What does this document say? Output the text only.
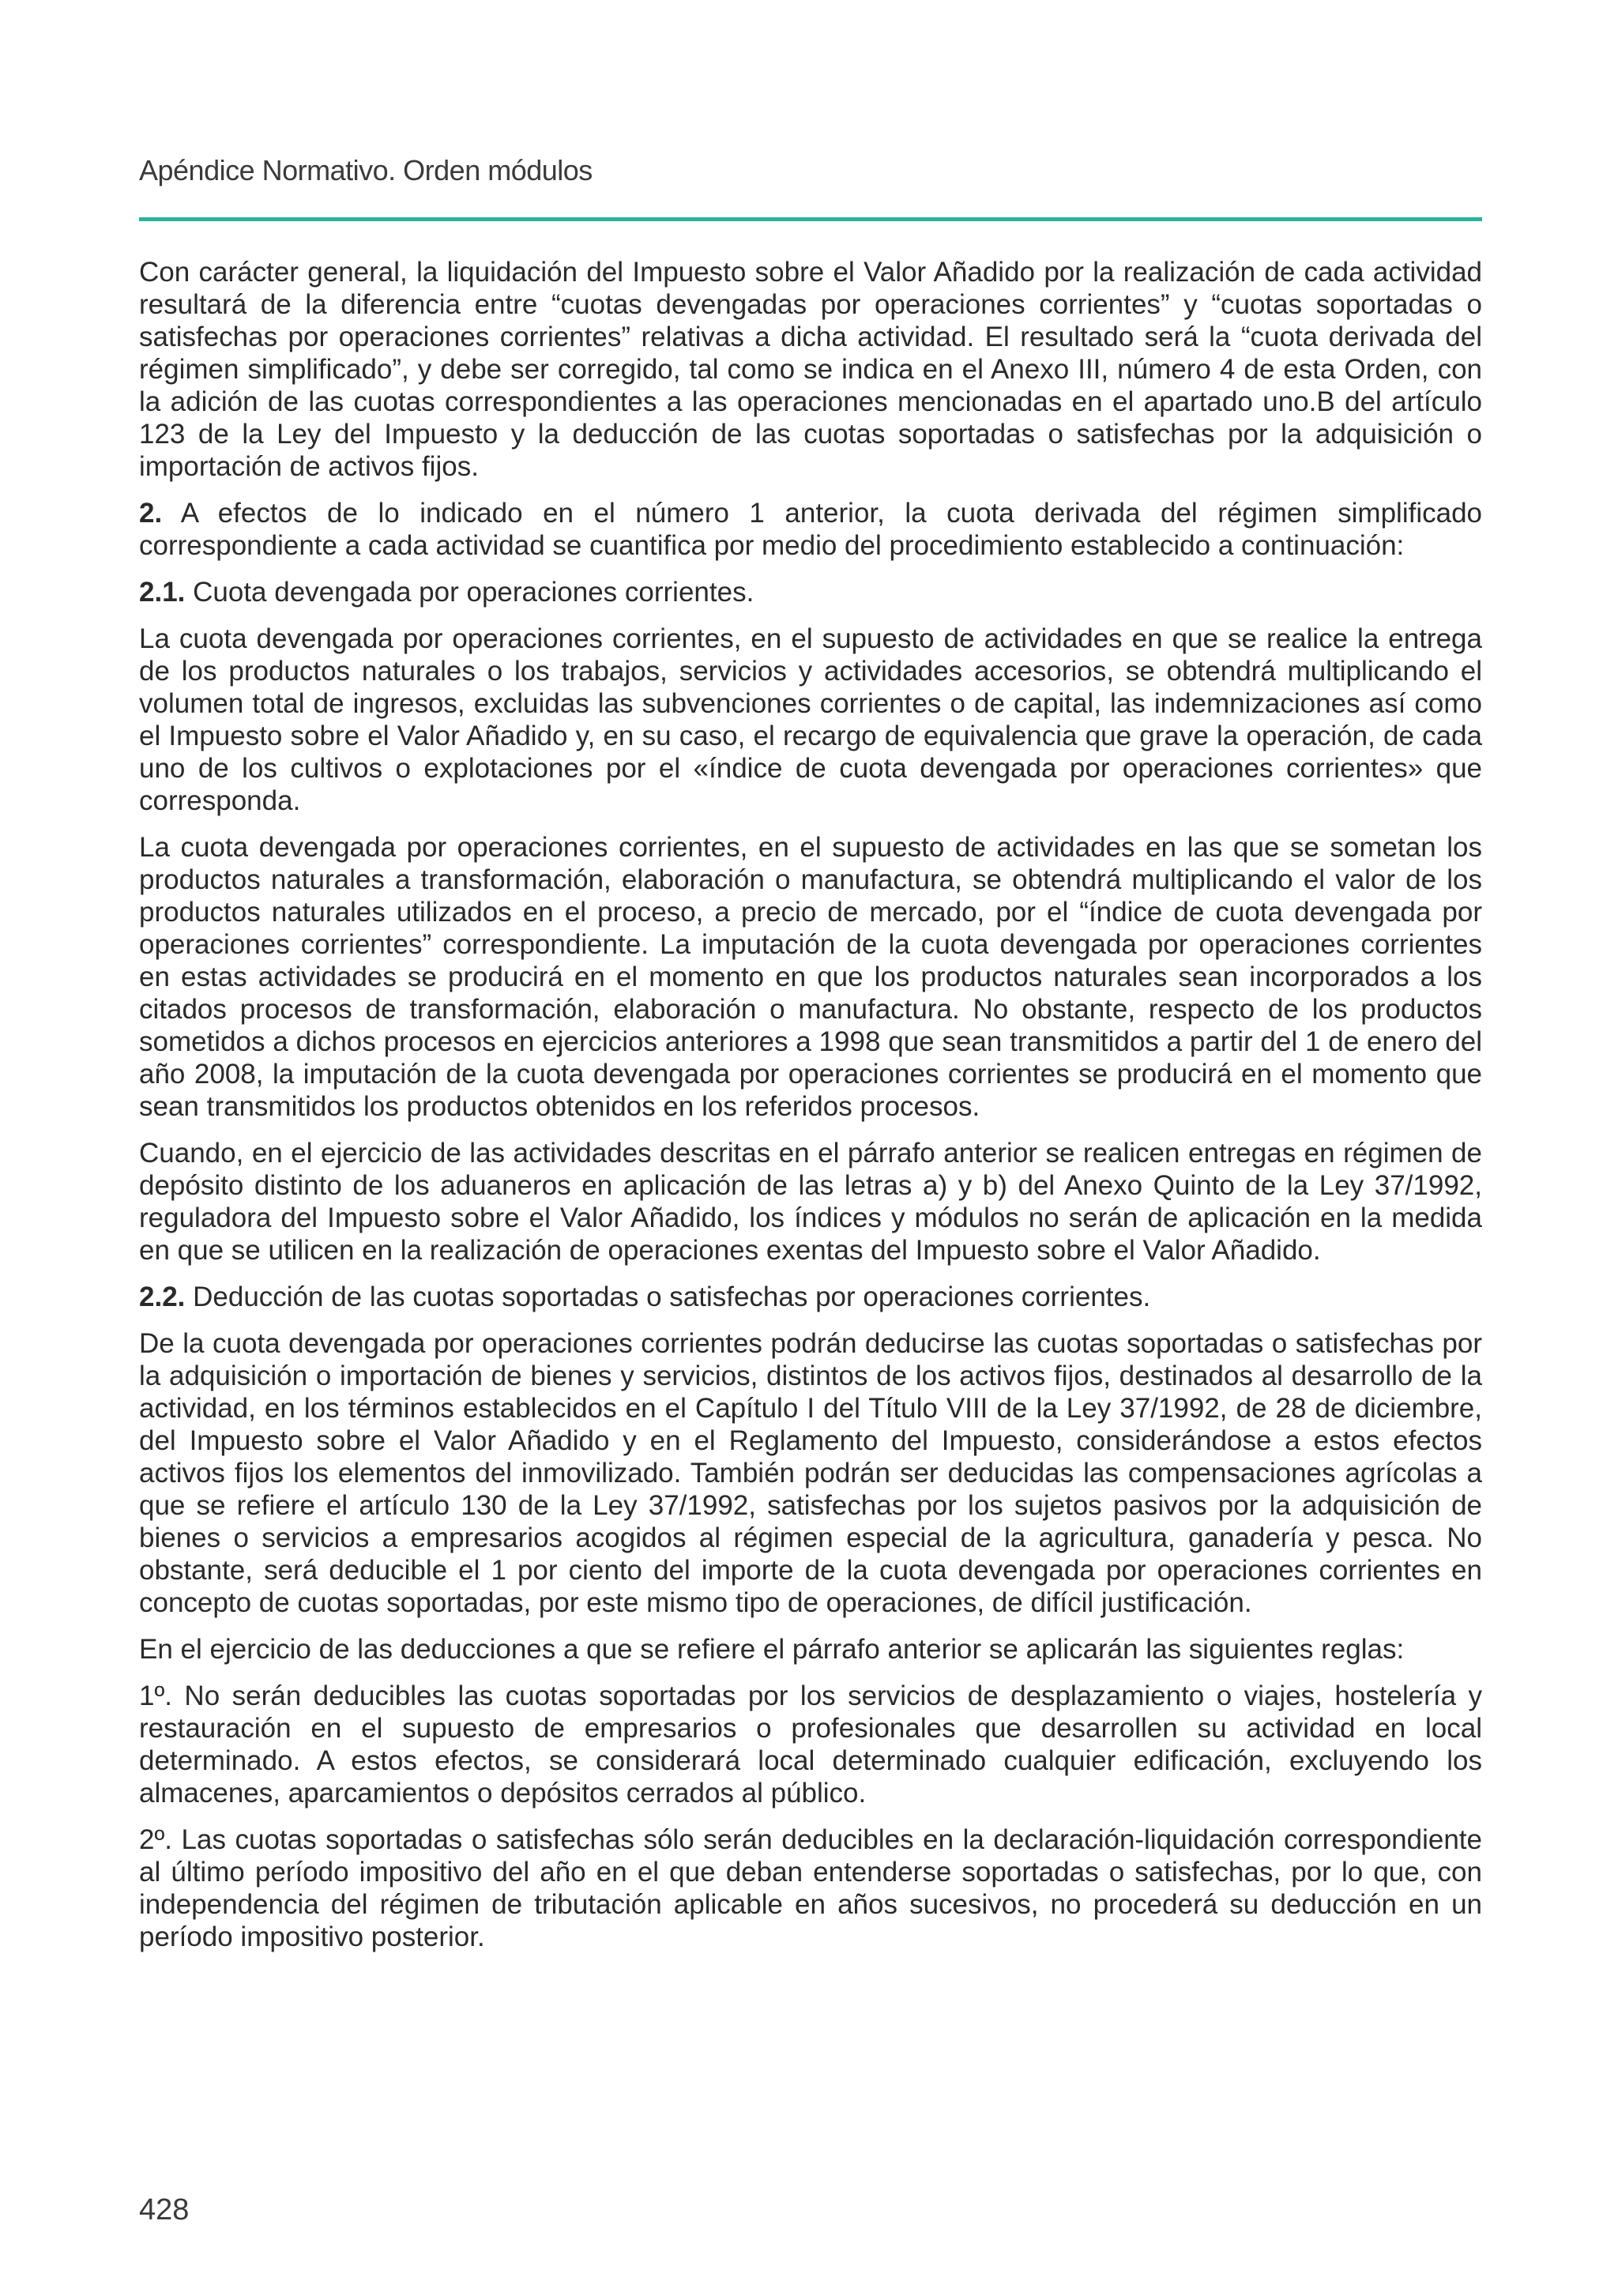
Apéndice Normativo. Orden módulos

Con carácter general, la liquidación del Impuesto sobre el Valor Añadido por la realización de cada actividad resultará de la diferencia entre “cuotas devengadas por operaciones corrientes” y “cuotas soportadas o satisfechas por operaciones corrientes” relativas a dicha actividad. El resultado será la “cuota derivada del régimen simplificado”, y debe ser corregido, tal como se indica en el Anexo III, número 4 de esta Orden, con la adición de las cuotas correspondientes a las operaciones mencionadas en el apartado uno.B del artículo 123 de la Ley del Impuesto y la deducción de las cuotas soportadas o satisfechas por la adquisición o importación de activos fijos.

2. A efectos de lo indicado en el número 1 anterior, la cuota derivada del régimen simplificado correspondiente a cada actividad se cuantifica por medio del procedimiento establecido a continuación:

2.1. Cuota devengada por operaciones corrientes.

La cuota devengada por operaciones corrientes, en el supuesto de actividades en que se realice la entrega de los productos naturales o los trabajos, servicios y actividades accesorios, se obtendrá multiplicando el volumen total de ingresos, excluidas las subvenciones corrientes o de capital, las indemnizaciones así como el Impuesto sobre el Valor Añadido y, en su caso, el recargo de equivalencia que grave la operación, de cada uno de los cultivos o explotaciones por el «índice de cuota devengada por operaciones corrientes» que corresponda.

La cuota devengada por operaciones corrientes, en el supuesto de actividades en las que se sometan los productos naturales a transformación, elaboración o manufactura, se obtendrá multiplicando el valor de los productos naturales utilizados en el proceso, a precio de mercado, por el “índice de cuota devengada por operaciones corrientes” correspondiente. La imputación de la cuota devengada por operaciones corrientes en estas actividades se producirá en el momento en que los productos naturales sean incorporados a los citados procesos de transformación, elaboración o manufactura. No obstante, respecto de los productos sometidos a dichos procesos en ejercicios anteriores a 1998 que sean transmitidos a partir del 1 de enero del año 2008, la imputación de la cuota devengada por operaciones corrientes se producirá en el momento que sean transmitidos los productos obtenidos en los referidos procesos.

Cuando, en el ejercicio de las actividades descritas en el párrafo anterior se realicen entregas en régimen de depósito distinto de los aduaneros en aplicación de las letras a) y b) del Anexo Quinto de la Ley 37/1992, reguladora del Impuesto sobre el Valor Añadido, los índices y módulos no serán de aplicación en la medida en que se utilicen en la realización de operaciones exentas del Impuesto sobre el Valor Añadido.

2.2. Deducción de las cuotas soportadas o satisfechas por operaciones corrientes.

De la cuota devengada por operaciones corrientes podrán deducirse las cuotas soportadas o satisfechas por la adquisición o importación de bienes y servicios, distintos de los activos fijos, destinados al desarrollo de la actividad, en los términos establecidos en el Capítulo I del Título VIII de la Ley 37/1992, de 28 de diciembre, del Impuesto sobre el Valor Añadido y en el Reglamento del Impuesto, considerándose a estos efectos activos fijos los elementos del inmovilizado. También podrán ser deducidas las compensaciones agrícolas a que se refiere el artículo 130 de la Ley 37/1992, satisfechas por los sujetos pasivos por la adquisición de bienes o servicios a empresarios acogidos al régimen especial de la agricultura, ganadería y pesca. No obstante, será deducible el 1 por ciento del importe de la cuota devengada por operaciones corrientes en concepto de cuotas soportadas, por este mismo tipo de operaciones, de difícil justificación.

En el ejercicio de las deducciones a que se refiere el párrafo anterior se aplicarán las siguientes reglas:

1º. No serán deducibles las cuotas soportadas por los servicios de desplazamiento o viajes, hostelería y restauración en el supuesto de empresarios o profesionales que desarrollen su actividad en local determinado. A estos efectos, se considerará local determinado cualquier edificación, excluyendo los almacenes, aparcamientos o depósitos cerrados al público.

2º. Las cuotas soportadas o satisfechas sólo serán deducibles en la declaración-liquidación correspondiente al último período impositivo del año en el que deban entenderse soportadas o satisfechas, por lo que, con independencia del régimen de tributación aplicable en años sucesivos, no procederá su deducción en un período impositivo posterior.

428
